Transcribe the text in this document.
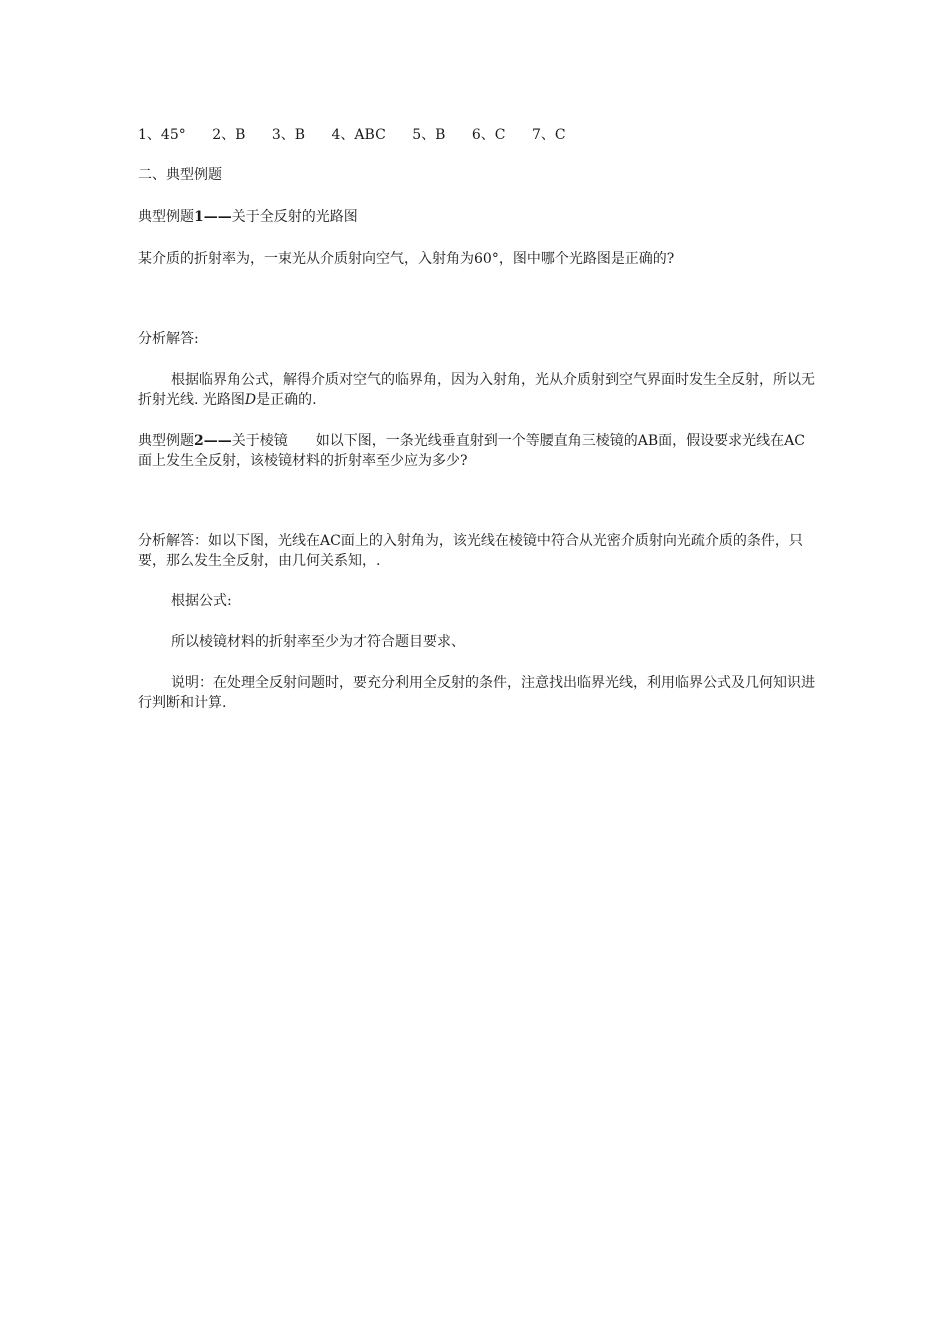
1、45° 2、B 3、B 4、ABC 5、B 6、C 7、C
二、典型例题
典型例题1——关于全反射的光路图
某介质的折射率为，一束光从介质射向空气，入射角为60°，图中哪个光路图是正确的?
分析解答:
根据临界角公式，解得介质对空气的临界角，因为入射角，光从介质射到空气界面时发生全反射，所以无折射光线. 光路图D是正确的.
典型例题2——关于棱镜 如以下图，一条光线垂直射到一个等腰直角三棱镜的AB面，假设要求光线在AC面上发生全反射，该棱镜材料的折射率至少应为多少?
分析解答：如以下图，光线在AC面上的入射角为，该光线在棱镜中符合从光密介质射向光疏介质的条件，只要，那么发生全反射，由几何关系知，.
根据公式:
所以棱镜材料的折射率至少为才符合题目要求、
说明：在处理全反射问题时，要充分利用全反射的条件，注意找出临界光线，利用临界公式及几何知识进行判断和计算.
